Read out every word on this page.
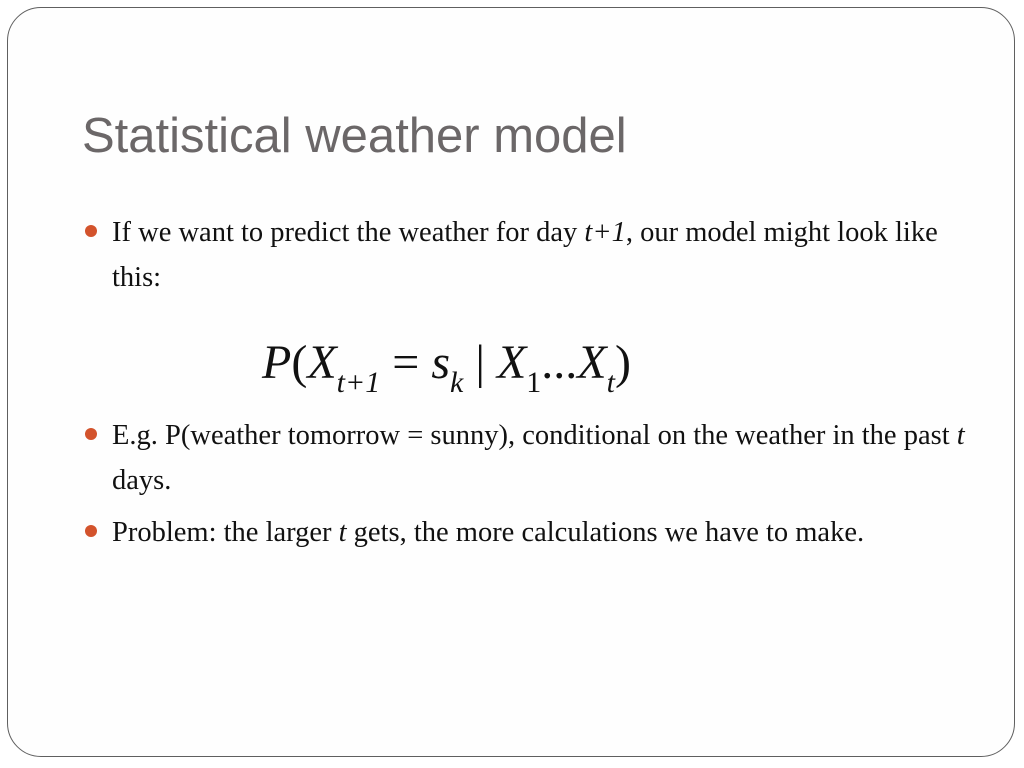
Statistical weather model
If we want to predict the weather for day t+1, our model might look like this:
$P(X_{t+1} = s_k$ | $X_1...X_t$)
E.g. P(weather tomorrow = sunny), conditional on the weather in the past t days.
Problem: the larger t gets, the more calculations we have to make.
